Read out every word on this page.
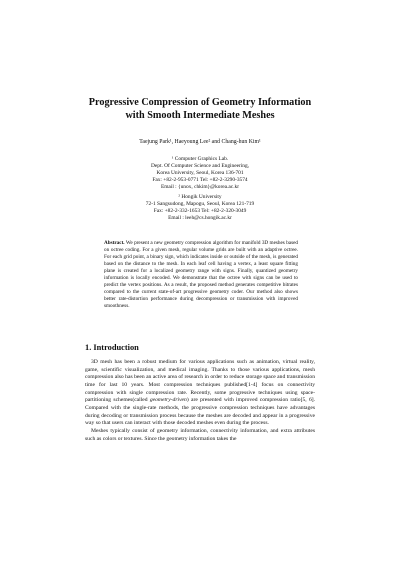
Progressive Compression of Geometry Information
with Smooth Intermediate Meshes
Taejung Park¹, Haeyoung Lee² and Chang-hun Kim¹
¹ Computer Graphics Lab.
Dept. Of Computer Science and Engineering,
Korea University, Seoul, Korea 136-701
Fax: +82-2-953-0771 Tel: +82-2-3290-3574
Email : {unox, chkim}@korea.ac.kr
² Hongik University
72-1 Sangsudong, Mapogu, Seoul, Korea 121-719
Fax: +82-2-332-1653 Tel: +82-2-320-3049
Email : leeh@cs.hongik.ac.kr
Abstract. We present a new geometry compression algorithm for manifold 3D meshes based on octree coding. For a given mesh, regular volume grids are built with an adaptive octree. For each grid point, a binary sign, which indicates inside or outside of the mesh, is generated based on the distance to the mesh. In each leaf cell having a vertex, a least square fitting plane is created for a localized geometry range with signs. Finally, quantized geometry information is locally encoded. We demonstrate that the octree with signs can be used to predict the vertex positions. As a result, the proposed method generates competitive bitrates compared to the current state-of-art progressive geometry coder. Our method also shows better rate-distortion performance during decompression or transmission with improved smoothness.
1. Introduction

3D mesh has been a robust medium for various applications such as animation, virtual reality, game, scientific visualization, and medical imaging. Thanks to those various applications, mesh compression also has been an active area of research in order to reduce storage space and transmission time for last 10 years. Most compression techniques published[1-4] focus on connectivity compression with single compression rate. Recently, some progressive techniques using space-partitioning schemes(called geometry-driven) are presented with improved compression ratio[5, 6]. Compared with the single-rate methods, the progressive compression techniques have advantages during decoding or transmission process because the meshes are decoded and appear in a progressive way so that users can interact with those decoded meshes even during the process.

Meshes typically consist of geometry information, connectivity information, and extra attributes such as colors or textures. Since the geometry information takes the
